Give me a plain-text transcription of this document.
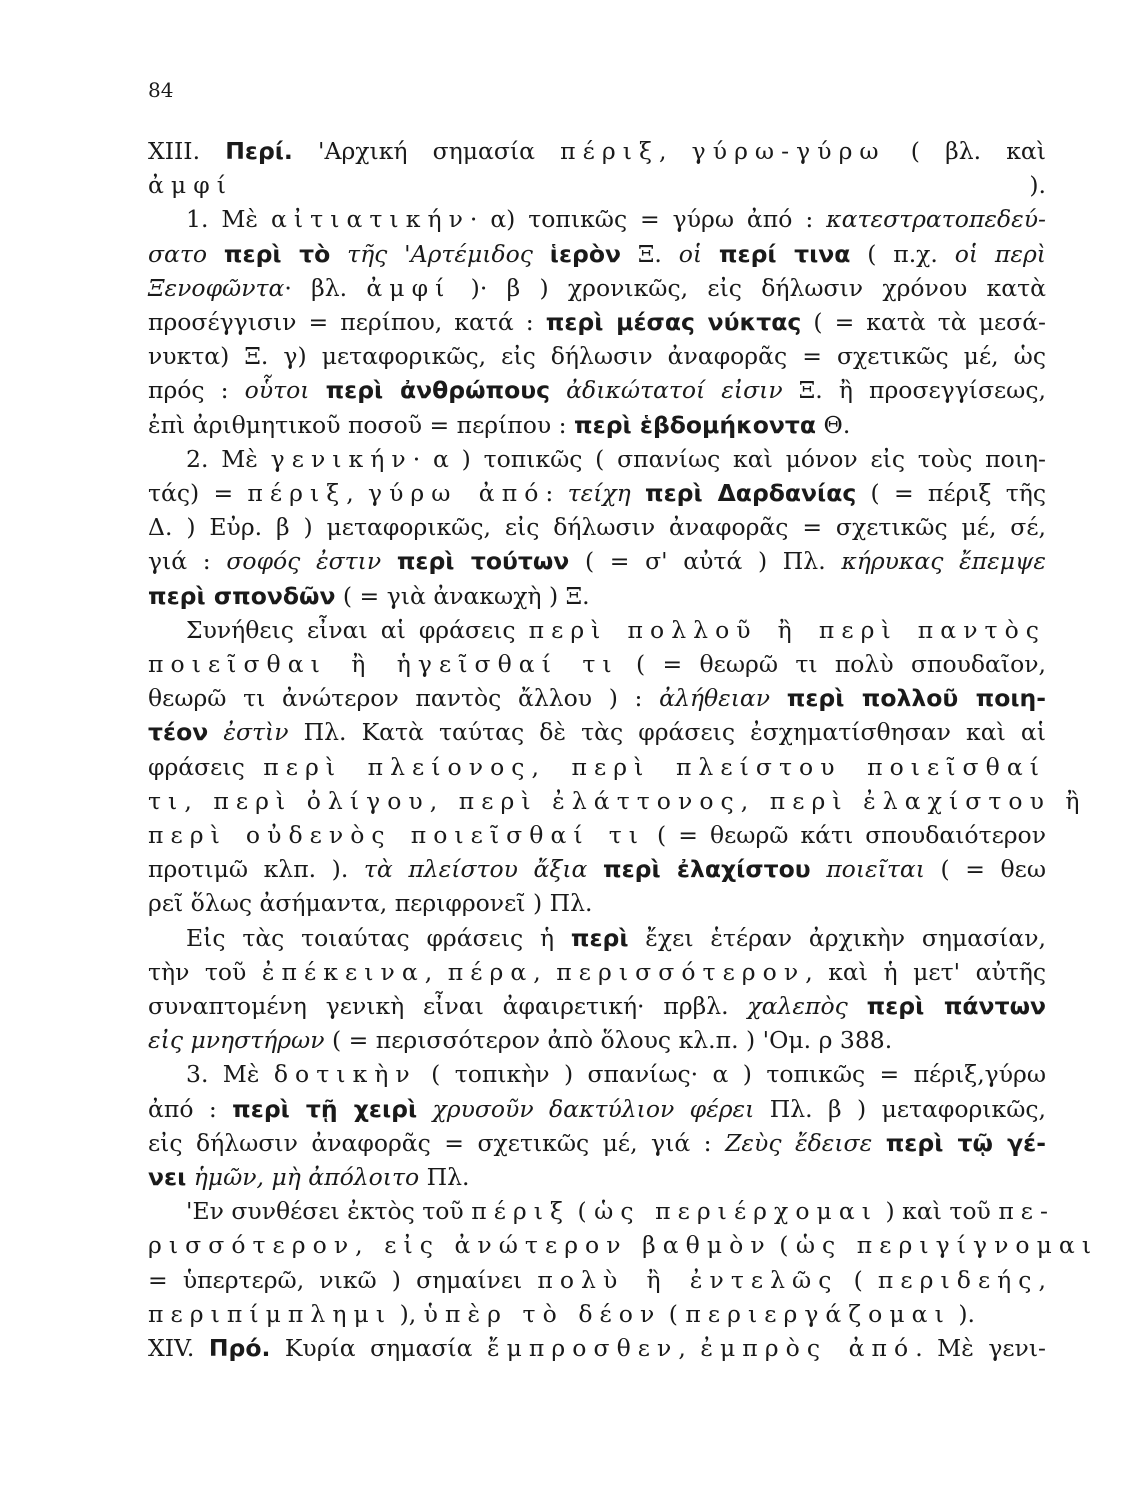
84
XIII. Περί. 'Αρχική σημασία πέριξ, γύρω-γύρω ( βλ. καὶ
ἀμφί ).
1. Μὲ αἰτιατικήν· α) τοπικῶς = γύρω ἀπό : κατεστρατοπεδεύ-
σατο περὶ τὸ τῆς 'Αρτέμιδος ἱερὸν Ξ. οἱ περί τινα ( π.χ. οἱ περὶ
Ξενοφῶντα· βλ. ἀμφί )· β ) χρονικῶς, εἰς δήλωσιν χρόνου κατὰ
προσέγγισιν = περίπου, κατά : περὶ μέσας νύκτας ( = κατὰ τὰ μεσά-
νυκτα) Ξ. γ) μεταφορικῶς, εἰς δήλωσιν ἀναφορᾶς = σχετικῶς μέ, ὡς
πρός : οὗτοι περὶ ἀνθρώπους ἀδικώτατοί εἰσιν Ξ. ἢ προσεγγίσεως,
ἐπὶ ἀριθμητικοῦ ποσοῦ = περίπου : περὶ ἑβδομήκοντα Θ.
2. Μὲ γενικήν· α ) τοπικῶς ( σπανίως καὶ μόνον εἰς τοὺς ποιη-
τάς) = πέριξ, γύρω ἀπό: τείχη περὶ Δαρδανίας ( = πέριξ τῆς
Δ. ) Εὐρ. β ) μεταφορικῶς, εἰς δήλωσιν ἀναφορᾶς = σχετικῶς μέ, σέ,
γιά : σοφός ἐστιν περὶ τούτων ( = σ' αὐτά ) Πλ. κήρυκας ἔπεμψε
περὶ σπονδῶν ( = γιὰ ἀνακωχὴ ) Ξ.
Συνήθεις εἶναι αἱ φράσεις περὶ πολλοῦ ἢ περὶ παντὸς
ποιεῖσθαι ἢ ἡγεῖσθαί τι ( = θεωρῶ τι πολὺ σπουδαῖον,
θεωρῶ τι ἀνώτερον παντὸς ἄλλου ) : ἀλήθειαν περὶ πολλοῦ ποιη-
τέον ἐστὶν Πλ. Κατὰ ταύτας δὲ τὰς φράσεις ἐσχηματίσθησαν καὶ αἱ
φράσεις περὶ πλείονος, περὶ πλείστου ποιεῖσθαί
τι, περὶ ὀλίγου, περὶ ἐλάττονος, περὶ ἐλαχίστου ἢ
περὶ οὐδενὸς ποιεῖσθαί τι ( = θεωρῶ κάτι σπουδαιότερον
προτιμῶ κλπ. ). τὰ πλείστου ἄξια περὶ ἐλαχίστου ποιεῖται ( = θεω
ρεῖ ὅλως ἀσήμαντα, περιφρονεῖ ) Πλ.
Εἰς τὰς τοιαύτας φράσεις ἡ περὶ ἔχει ἑτέραν ἀρχικὴν σημασίαν,
τὴν τοῦ ἐπέκεινα, πέρα, περισσότερον, καὶ ἡ μετ' αὐτῆς
συναπτομένη γενικὴ εἶναι ἀφαιρετική· πρβλ. χαλεπὸς περὶ πάντων
εἰς μνηστήρων ( = περισσότερον ἀπὸ ὅλους κλ.π. ) 'Ομ. ρ 388.
3. Μὲ δοτικὴν ( τοπικὴν ) σπανίως· α ) τοπικῶς = πέριξ,γύρω
ἀπό : περὶ τῇ χειρὶ χρυσοῦν δακτύλιον φέρει Πλ. β ) μεταφορικῶς,
εἰς δήλωσιν ἀναφορᾶς = σχετικῶς μέ, γιά : Ζεὺς ἔδεισε περὶ τῷ γέ-
νει ἡμῶν, μὴ ἀπόλοιτο Πλ.
'Εν συνθέσει ἐκτὸς τοῦ πέριξ ( ὡς περιέρχομαι ) καὶ τοῦ πε-
ρισσότερον, εἰς ἀνώτερον βαθμὸν ( ὡς περιγίγνομαι
= ὑπερτερῶ, νικῶ ) σημαίνει πολὺ ἢ ἐντελῶς ( περιδεής,
περιπίμπλημι ), ὑπὲρ τὸ δέον ( περιεργάζομαι ).
XIV. Πρό. Κυρία σημασία ἔμπροσθεν, ἐμπρὸς ἀπό. Μὲ γενι-
